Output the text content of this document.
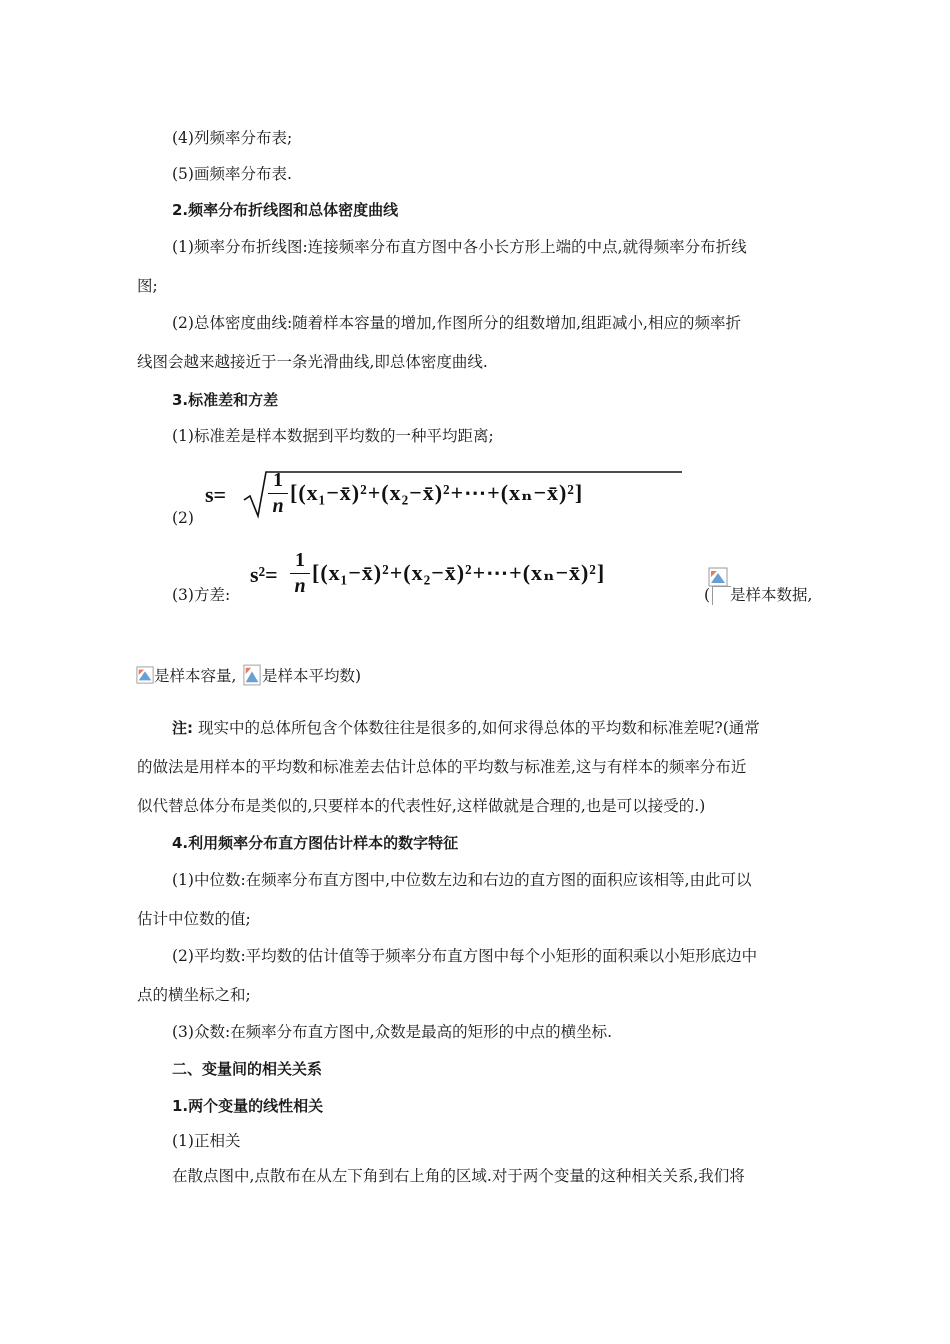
(4)列频率分布表;
(5)画频率分布表.
2.频率分布折线图和总体密度曲线
(1)频率分布折线图:连接频率分布直方图中各小长方形上端的中点,就得频率分布折线
图;
(2)总体密度曲线:随着样本容量的增加,作图所分的组数增加,组距减小,相应的频率折
线图会越来越接近于一条光滑曲线,即总体密度曲线.
3.标准差和方差
(1)标准差是样本数据到平均数的一种平均距离;
(2)
s=
1
n
[(x₁−x̄)²+(x₂−x̄)²+⋯+(xₙ−x̄)²]
(3)方差:
s²=
1
n
[(x₁−x̄)²+(x₂−x̄)²+⋯+(xₙ−x̄)²]
( 是样本数据,
是样本容量, 是样本平均数)
注: 现实中的总体所包含个体数往往是很多的,如何求得总体的平均数和标准差呢?(通常
的做法是用样本的平均数和标准差去估计总体的平均数与标准差,这与有样本的频率分布近
似代替总体分布是类似的,只要样本的代表性好,这样做就是合理的,也是可以接受的.)
4.利用频率分布直方图估计样本的数字特征
(1)中位数:在频率分布直方图中,中位数左边和右边的直方图的面积应该相等,由此可以
估计中位数的值;
(2)平均数:平均数的估计值等于频率分布直方图中每个小矩形的面积乘以小矩形底边中
点的横坐标之和;
(3)众数:在频率分布直方图中,众数是最高的矩形的中点的横坐标.
二、变量间的相关关系
1.两个变量的线性相关
(1)正相关
在散点图中,点散布在从左下角到右上角的区域.对于两个变量的这种相关关系,我们将
